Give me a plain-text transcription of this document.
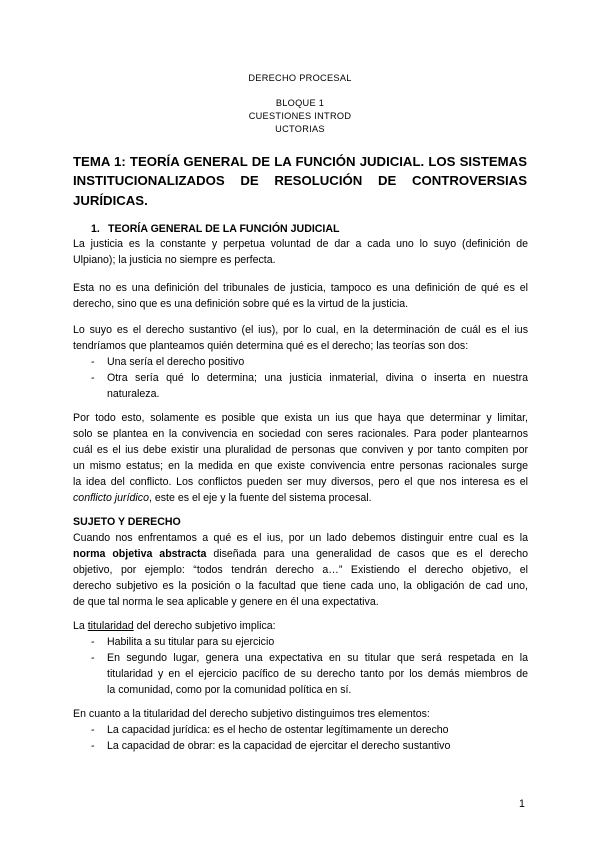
DERECHO PROCESAL
BLOQUE 1
CUESTIONES INTROD
UCTORIAS
TEMA 1: TEORÍA GENERAL DE LA FUNCIÓN JUDICIAL. LOS SISTEMAS
INSTITUCIONALIZADOS DE RESOLUCIÓN DE CONTROVERSIAS
JURÍDICAS.
1. TEORÍA GENERAL DE LA FUNCIÓN JUDICIAL
La justicia es la constante y perpetua voluntad de dar a cada uno lo suyo (definición de
Ulpiano); la justicia no siempre es perfecta.
Esta no es una definición del tribunales de justicia, tampoco es una definición de qué es el
derecho, sino que es una definición sobre qué es la virtud de la justicia.
Lo suyo es el derecho sustantivo (el ius), por lo cual, en la determinación de cuál es el ius
tendríamos que planteamos quién determina qué es el derecho; las teorías son dos:
- Una sería el derecho positivo
- Otra sería qué lo determina; una justicia inmaterial, divina o inserta en nuestra
naturaleza.
Por todo esto, solamente es posible que exista un ius que haya que determinar y limitar,
solo se plantea en la convivencia en sociedad con seres racionales. Para poder plantearnos
cuál es el ius debe existir una pluralidad de personas que conviven y por tanto compiten por
un mismo estatus; en la medida en que existe convivencia entre personas racionales surge
la idea del conflicto. Los conflictos pueden ser muy diversos, pero el que nos interesa es el
conflicto jurídico, este es el eje y la fuente del sistema procesal.
SUJETO Y DERECHO
Cuando nos enfrentamos a qué es el ius, por un lado debemos distinguir entre cual es la
norma objetiva abstracta diseñada para una generalidad de casos que es el derecho
objetivo, por ejemplo: “todos tendrán derecho a…” Existiendo el derecho objetivo, el
derecho subjetivo es la posición o la facultad que tiene cada uno, la obligación de cad uno,
de que tal norma le sea aplicable y genere en él una expectativa.
La titularidad del derecho subjetivo implica:
- Habilita a su titular para su ejercicio
- En segundo lugar, genera una expectativa en su titular que será respetada en la
titularidad y en el ejercicio pacífico de su derecho tanto por los demás miembros de
la comunidad, como por la comunidad política en sí.
En cuanto a la titularidad del derecho subjetivo distinguimos tres elementos:
- La capacidad jurídica: es el hecho de ostentar legítimamente un derecho
- La capacidad de obrar: es la capacidad de ejercitar el derecho sustantivo
1
